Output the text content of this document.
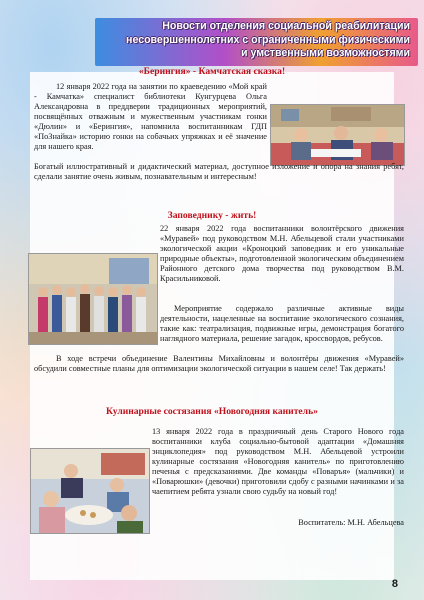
Новости отделения социальной реабилитации
несовершеннолетних с ограниченными физическими
и умственными возможностями
«Берингия» - Камчатская сказка!

12 января 2022 года на занятии по краеведению «Мой край - Камчатка» специалист библиотеки Кунгурцева Ольга Александровна в преддверии традиционных мероприятий, посвящённых отважным и мужественным участникам гонки «Дюлин» и «Берингия», напомнила воспитанникам ГДП «ПоЗнайка» историю гонки на собачьих упряжках и её значение для нашего края.

Богатый иллюстративный и дидактический материал, доступное изложение и опора на знания ребят, сделали занятие очень живым, познавательным и интересным!

Заповеднику - жить!

22 января 2022 года воспитанники волонтёрского движения «Муравей» под руководством М.Н. Абельцевой стали участниками экологической акции «Кроноцкий заповедник и его уникальные природные объекты», подготовленной экологическим объединением Районного детского дома творчества под руководством В.М. Красильниковой.

Мероприятие содержало различные активные виды деятельности, нацеленные на воспитание экологического сознания, такие как: театрализация, подвижные игры, демонстрация богатого наглядного материала, решение загадок, кроссвордов, ребусов.

В ходе встречи объединение Валентины Михайловны и волонтёры движения «Муравей» обсудили совместные планы для оптимизации экологической ситуации в нашем селе! Так держать!

Кулинарные состязания «Новогодняя канитель»

13 января 2022 года в праздничный день Старого Нового года воспитанники клуба социально-бытовой адаптации «Домашняя энциклопедия» под руководством М.Н. Абельцевой устроили кулинарные состязания «Новогодняя канитель» по приготовлению печенья с предсказаниями. Две команды «Поваръя» (мальчики) и «Поварюшки» (девочки) приготовили сдобу с разными начинками и за чаепитием ребята узнали свою судьбу на новый год!

Воспитатель: М.Н. Абельцева

8
